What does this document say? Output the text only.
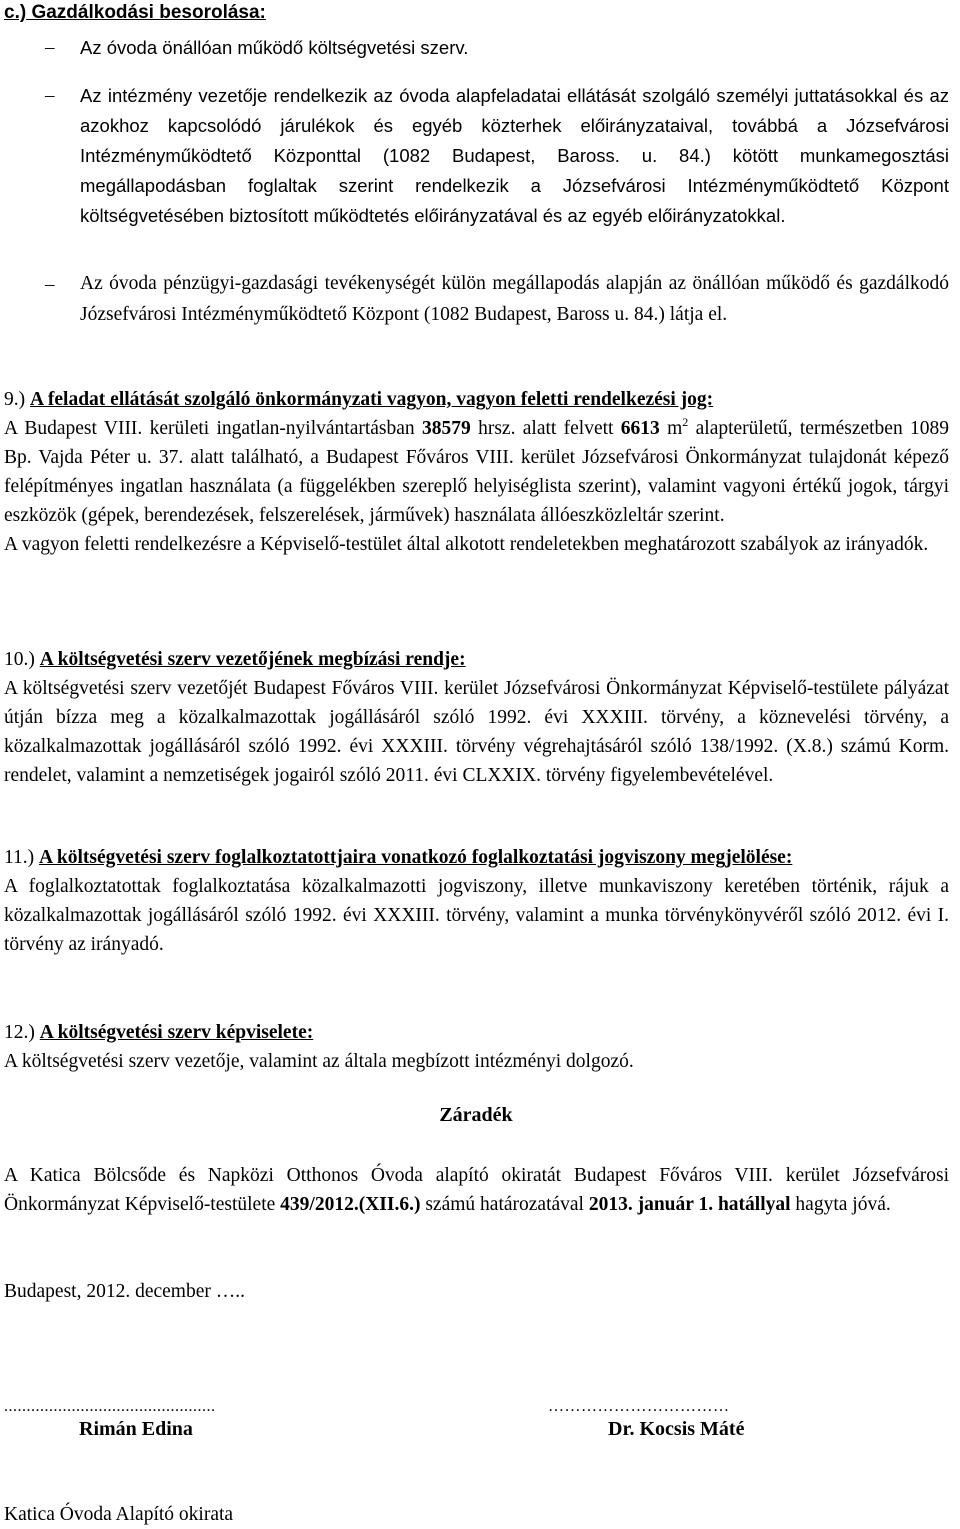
c.) Gazdálkodási besorolása:
– Az óvoda önállóan működő költségvetési szerv.
– Az intézmény vezetője rendelkezik az óvoda alapfeladatai ellátását szolgáló személyi juttatásokkal és az azokhoz kapcsolódó járulékok és egyéb közterhek előirányzataival, továbbá a Józsefvárosi Intézményműködtető Központtal (1082 Budapest, Baross. u. 84.) kötött munkamegosztási megállapodásban foglaltak szerint rendelkezik a Józsefvárosi Intézményműködtető Központ költségvetésében biztosított működtetés előirányzatával és az egyéb előirányzatokkal.
– Az óvoda pénzügyi-gazdasági tevékenységét külön megállapodás alapján az önállóan működő és gazdálkodó Józsefvárosi Intézményműködtető Központ (1082 Budapest, Baross u. 84.) látja el.
9.) A feladat ellátását szolgáló önkormányzati vagyon, vagyon feletti rendelkezési jog:
A Budapest VIII. kerületi ingatlan-nyilvántartásban 38579 hrsz. alatt felvett 6613 $m^2$ alapterületű, természetben 1089 Bp. Vajda Péter u. 37. alatt található, a Budapest Főváros VIII. kerület Józsefvárosi Önkormányzat tulajdonát képező felépítményes ingatlan használata (a függelékben szereplő helyiséglista szerint), valamint vagyoni értékű jogok, tárgyi eszközök (gépek, berendezések, felszerelések, járművek) használata állóeszközleltár szerint.
A vagyon feletti rendelkezésre a Képviselő-testület által alkotott rendeletekben meghatározott szabályok az irányadók.
10.) A költségvetési szerv vezetőjének megbízási rendje:
A költségvetési szerv vezetőjét Budapest Főváros VIII. kerület Józsefvárosi Önkormányzat Képviselő-testülete pályázat útján bízza meg a közalkalmazottak jogállásáról szóló 1992. évi XXXIII. törvény, a köznevelési törvény, a közalkalmazottak jogállásáról szóló 1992. évi XXXIII. törvény végrehajtásáról szóló 138/1992. (X.8.) számú Korm. rendelet, valamint a nemzetiségek jogairól szóló 2011. évi CLXXIX. törvény figyelembevételével.
11.) A költségvetési szerv foglalkoztatottjaira vonatkozó foglalkoztatási jogviszony megjelölése:
A foglalkoztatottak foglalkoztatása közalkalmazotti jogviszony, illetve munkaviszony keretében történik, rájuk a közalkalmazottak jogállásáról szóló 1992. évi XXXIII. törvény, valamint a munka törvénykönyvéről szóló 2012. évi I. törvény az irányadó.
12.) A költségvetési szerv képviselete:
A költségvetési szerv vezetője, valamint az általa megbízott intézményi dolgozó.
Záradék
A Katica Bölcsőde és Napközi Otthonos Óvoda alapító okiratát Budapest Főváros VIII. kerület Józsefvárosi Önkormányzat Képviselő-testülete 439/2012.(XII.6.) számú határozatával 2013. január 1. hatállyal hagyta jóvá.
Budapest, 2012. december …..
...............................................
Rimán Edina
……………………………
Dr. Kocsis Máté
Katica Óvoda Alapító okirata
